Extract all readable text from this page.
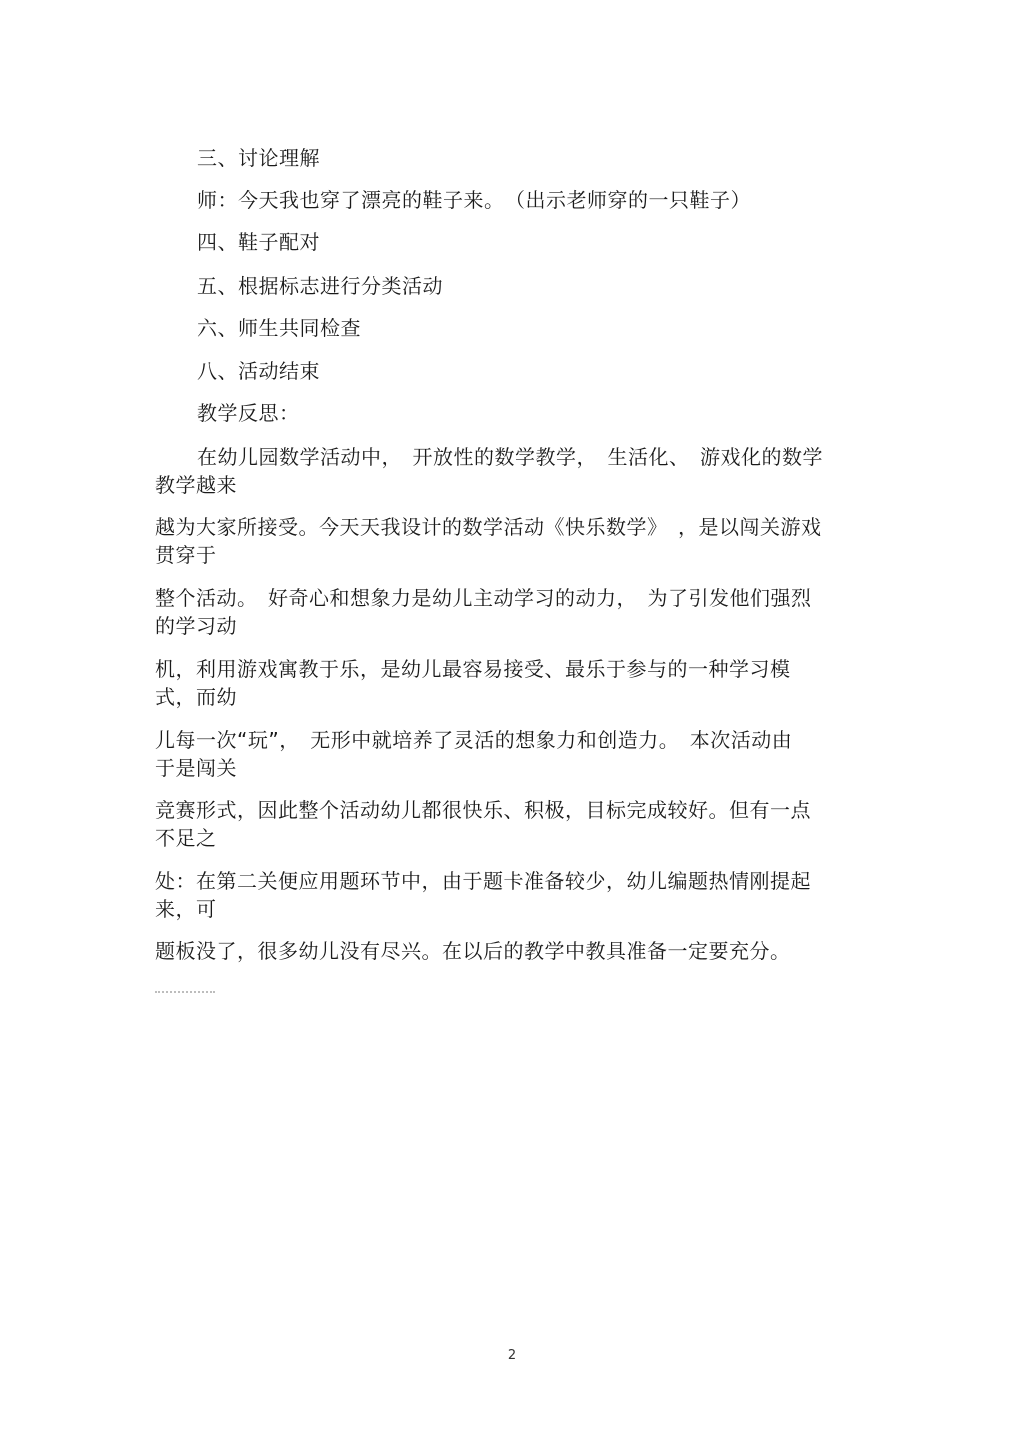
三、讨论理解
师：今天我也穿了漂亮的鞋子来。　（出示老师穿的一只鞋子）
四、鞋子配对
五、根据标志进行分类活动
六、师生共同检查
八、活动结束
教学反思：
在幼儿园数学活动中，　开放性的数学教学，　生活化、　游戏化的数学
教学越来
越为大家所接受。今天天我设计的数学活动《快乐数学》　，是以闯关游戏
贯穿于
整个活动。　好奇心和想象力是幼儿主动学习的动力，　为了引发他们强烈
的学习动
机，利用游戏寓教于乐，是幼儿最容易接受、最乐于参与的一种学习模
式，而幼
儿每一次“玩”，　无形中就培养了灵活的想象力和创造力。　本次活动由
于是闯关
竞赛形式，因此整个活动幼儿都很快乐、积极，目标完成较好。但有一点
不足之
处：在第二关便应用题环节中，由于题卡准备较少，幼儿编题热情刚提起
来，可
题板没了，很多幼儿没有尽兴。在以后的教学中教具准备一定要充分。
2
